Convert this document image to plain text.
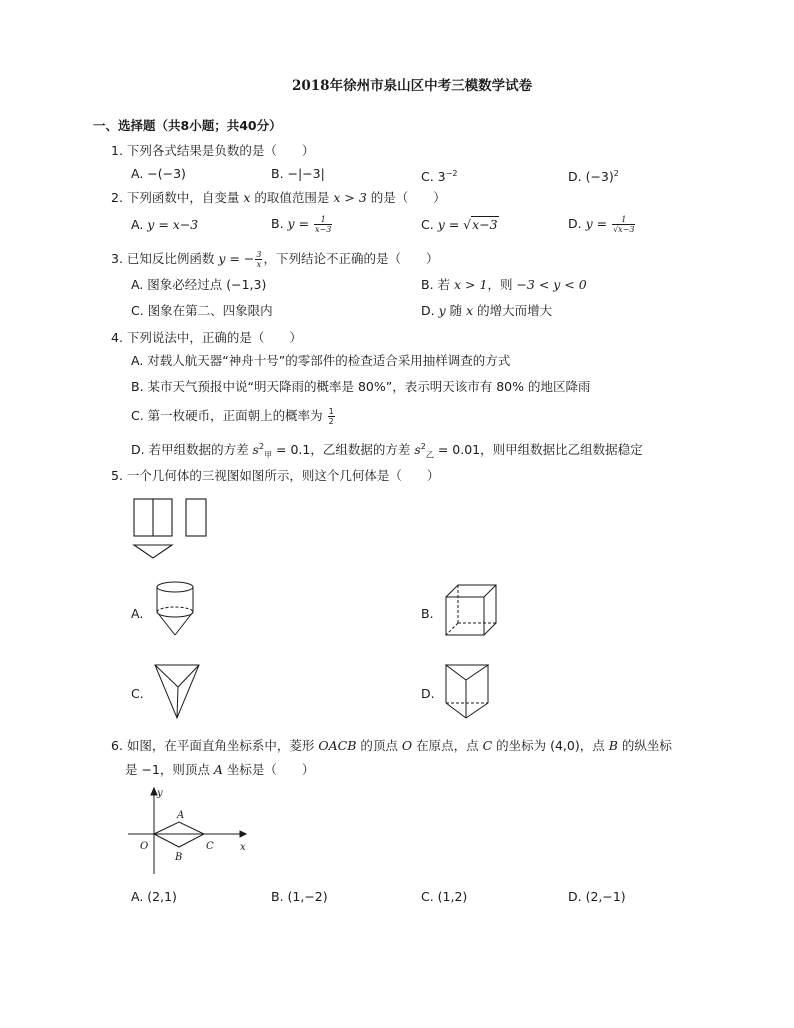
2018年徐州市泉山区中考三模数学试卷
一、选择题（共8小题；共40分）
1. 下列各式结果是负数的是（　　）
A. −(−3)	B. −|−3|	C. $3^{-2}$	D. $(-3)^2$
2. 下列函数中，自变量 x 的取值范围是 x > 3 的是（　　）
A. y = x−3	B. $y = \frac{1}{x-3}$	C. y = √x−3	D. $y = \frac{1}{√x-3}$
3. 已知反比例函数 y = − $\frac{3}{x}$ ，下列结论不正确的是（　　）
A. 图象必经过点 (−1,3)	B. 若 x > 1，则 −3 < y < 0
C. 图象在第二、四象限内	D. y 随 x 的增大而增大
4. 下列说法中，正确的是（　　）
A. 对载人航天器“神舟十号”的零部件的检查适合采用抽样调查的方式
B. 某市天气预报中说“明天降雨的概率是 80%”，表示明天该市有 80% 的地区降雨
C. 第一枚硬币，正面朝上的概率为 $\frac{1}{2}$
D. 若甲组数据的方差 $s^2_甲 = 0.1$，乙组数据的方差 $s^2_乙 = 0.01$，则甲组数据比乙组数据稳定
5. 一个几何体的三视图如图所示，则这个几何体是（　　）
A.	B.
C.	D.
6. 如图，在平面直角坐标系中，菱形 OACB 的顶点 O 在原点，点 C 的坐标为 (4,0)，点 B 的纵坐标
是 −1，则顶点 A 坐标是（　　）
y
x
O
A
B
C
A. (2,1)	B. (1,−2)	C. (1,2)	D. (2,−1)
